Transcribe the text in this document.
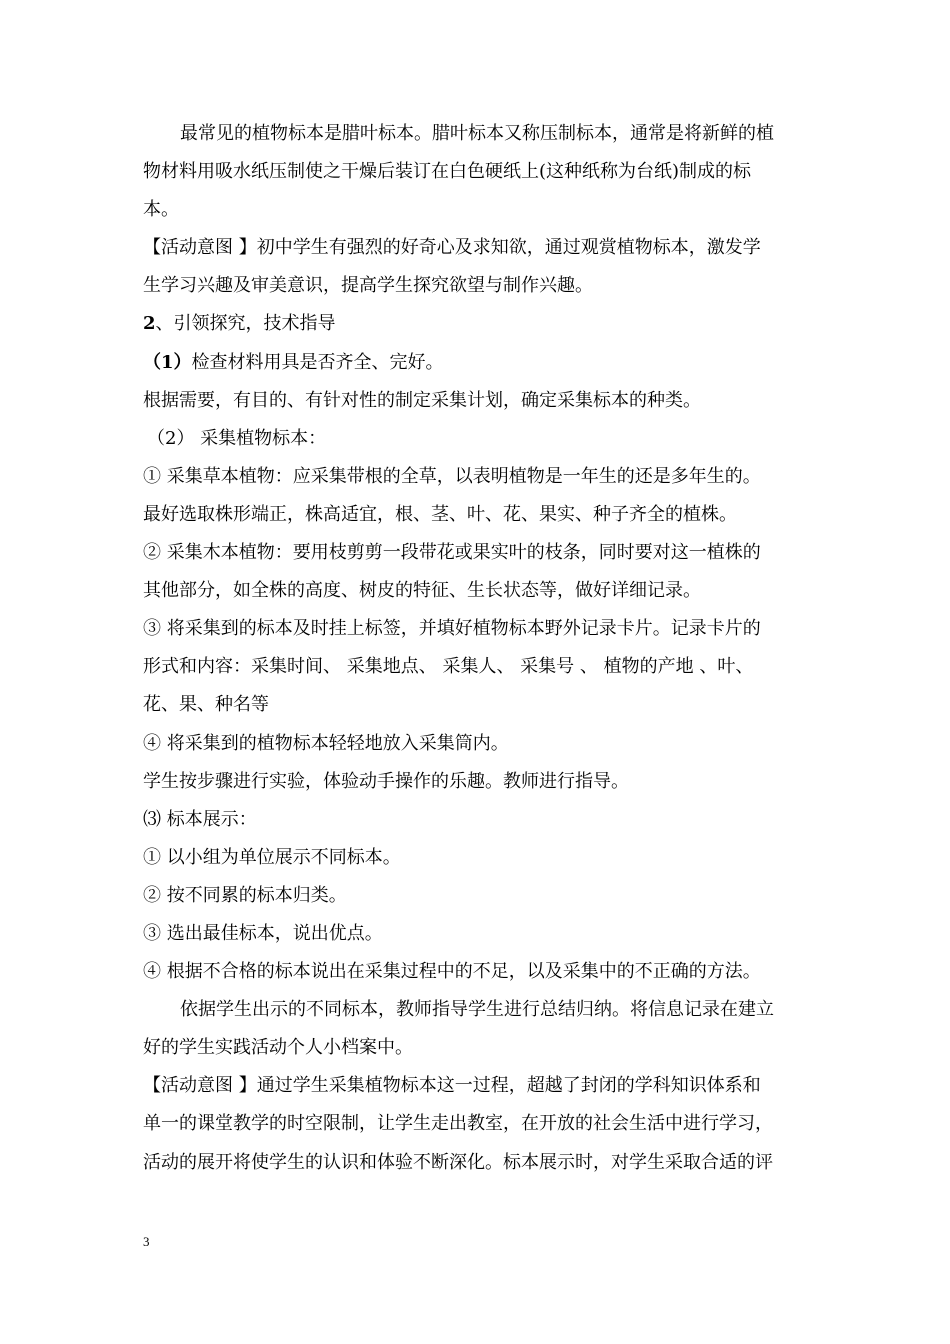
最常见的植物标本是腊叶标本。腊叶标本又称压制标本，通常是将新鲜的植
物材料用吸水纸压制使之干燥后装订在白色硬纸上(这种纸称为台纸)制成的标
本。
【活动意图 】初中学生有强烈的好奇心及求知欲，通过观赏植物标本，激发学
生学习兴趣及审美意识，提高学生探究欲望与制作兴趣。
2、引领探究，技术指导
（1）检查材料用具是否齐全、完好。
根据需要，有目的、有针对性的制定采集计划，确定采集标本的种类。
（2） 采集植物标本：
① 采集草本植物：应采集带根的全草，以表明植物是一年生的还是多年生的。
最好选取株形端正，株高适宜，根、茎、叶、花、果实、种子齐全的植株。
② 采集木本植物：要用枝剪剪一段带花或果实叶的枝条，同时要对这一植株的
其他部分，如全株的高度、树皮的特征、生长状态等，做好详细记录。
③ 将采集到的标本及时挂上标签，并填好植物标本野外记录卡片。记录卡片的
形式和内容：采集时间、 采集地点、 采集人、 采集号 、 植物的产地 、叶、
花、果、种名等
④ 将采集到的植物标本轻轻地放入采集筒内。
学生按步骤进行实验，体验动手操作的乐趣。教师进行指导。
⑶ 标本展示：
① 以小组为单位展示不同标本。
② 按不同累的标本归类。
③ 选出最佳标本，说出优点。
④ 根据不合格的标本说出在采集过程中的不足，以及采集中的不正确的方法。
依据学生出示的不同标本，教师指导学生进行总结归纳。将信息记录在建立
好的学生实践活动个人小档案中。
【活动意图 】通过学生采集植物标本这一过程，超越了封闭的学科知识体系和
单一的课堂教学的时空限制，让学生走出教室，在开放的社会生活中进行学习，
活动的展开将使学生的认识和体验不断深化。标本展示时，对学生采取合适的评
3
